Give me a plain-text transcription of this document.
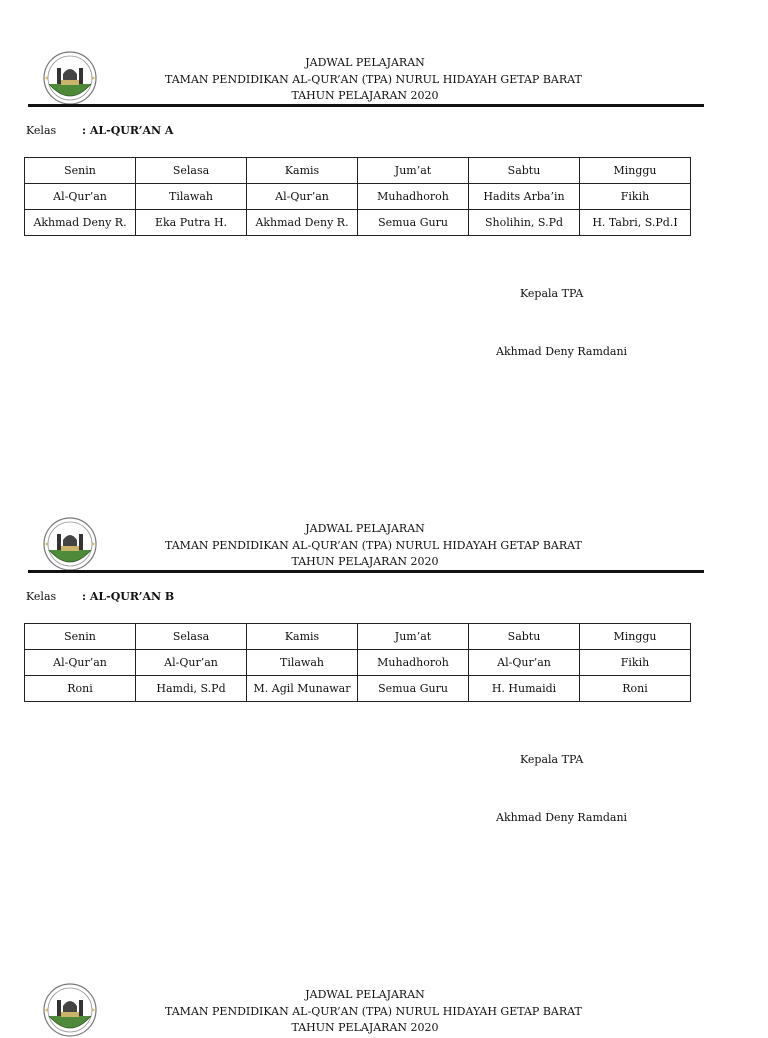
JADWAL PELAJARAN
TAMAN PENDIDIKAN AL-QUR’AN (TPA) NURUL HIDAYAH GETAP BARAT
TAHUN PELAJARAN 2020
Kelas : AL-QUR’AN A
Senin	Selasa	Kamis	Jum’at	Sabtu	Minggu
Al-Qur’an	Tilawah	Al-Qur’an	Muhadhoroh	Hadits Arba’in	Fikih
Akhmad Deny R.	Eka Putra H.	Akhmad Deny R.	Semua Guru	Sholihin, S.Pd	H. Tabri, S.Pd.I
Kepala TPA
Akhmad Deny Ramdani
JADWAL PELAJARAN
TAMAN PENDIDIKAN AL-QUR’AN (TPA) NURUL HIDAYAH GETAP BARAT
TAHUN PELAJARAN 2020
Kelas : AL-QUR’AN B
Senin	Selasa	Kamis	Jum’at	Sabtu	Minggu
Al-Qur’an	Al-Qur’an	Tilawah	Muhadhoroh	Al-Qur’an	Fikih
Roni	Hamdi, S.Pd	M. Agil Munawar	Semua Guru	H. Humaidi	Roni
Kepala TPA
Akhmad Deny Ramdani
JADWAL PELAJARAN
TAMAN PENDIDIKAN AL-QUR’AN (TPA) NURUL HIDAYAH GETAP BARAT
TAHUN PELAJARAN 2020
